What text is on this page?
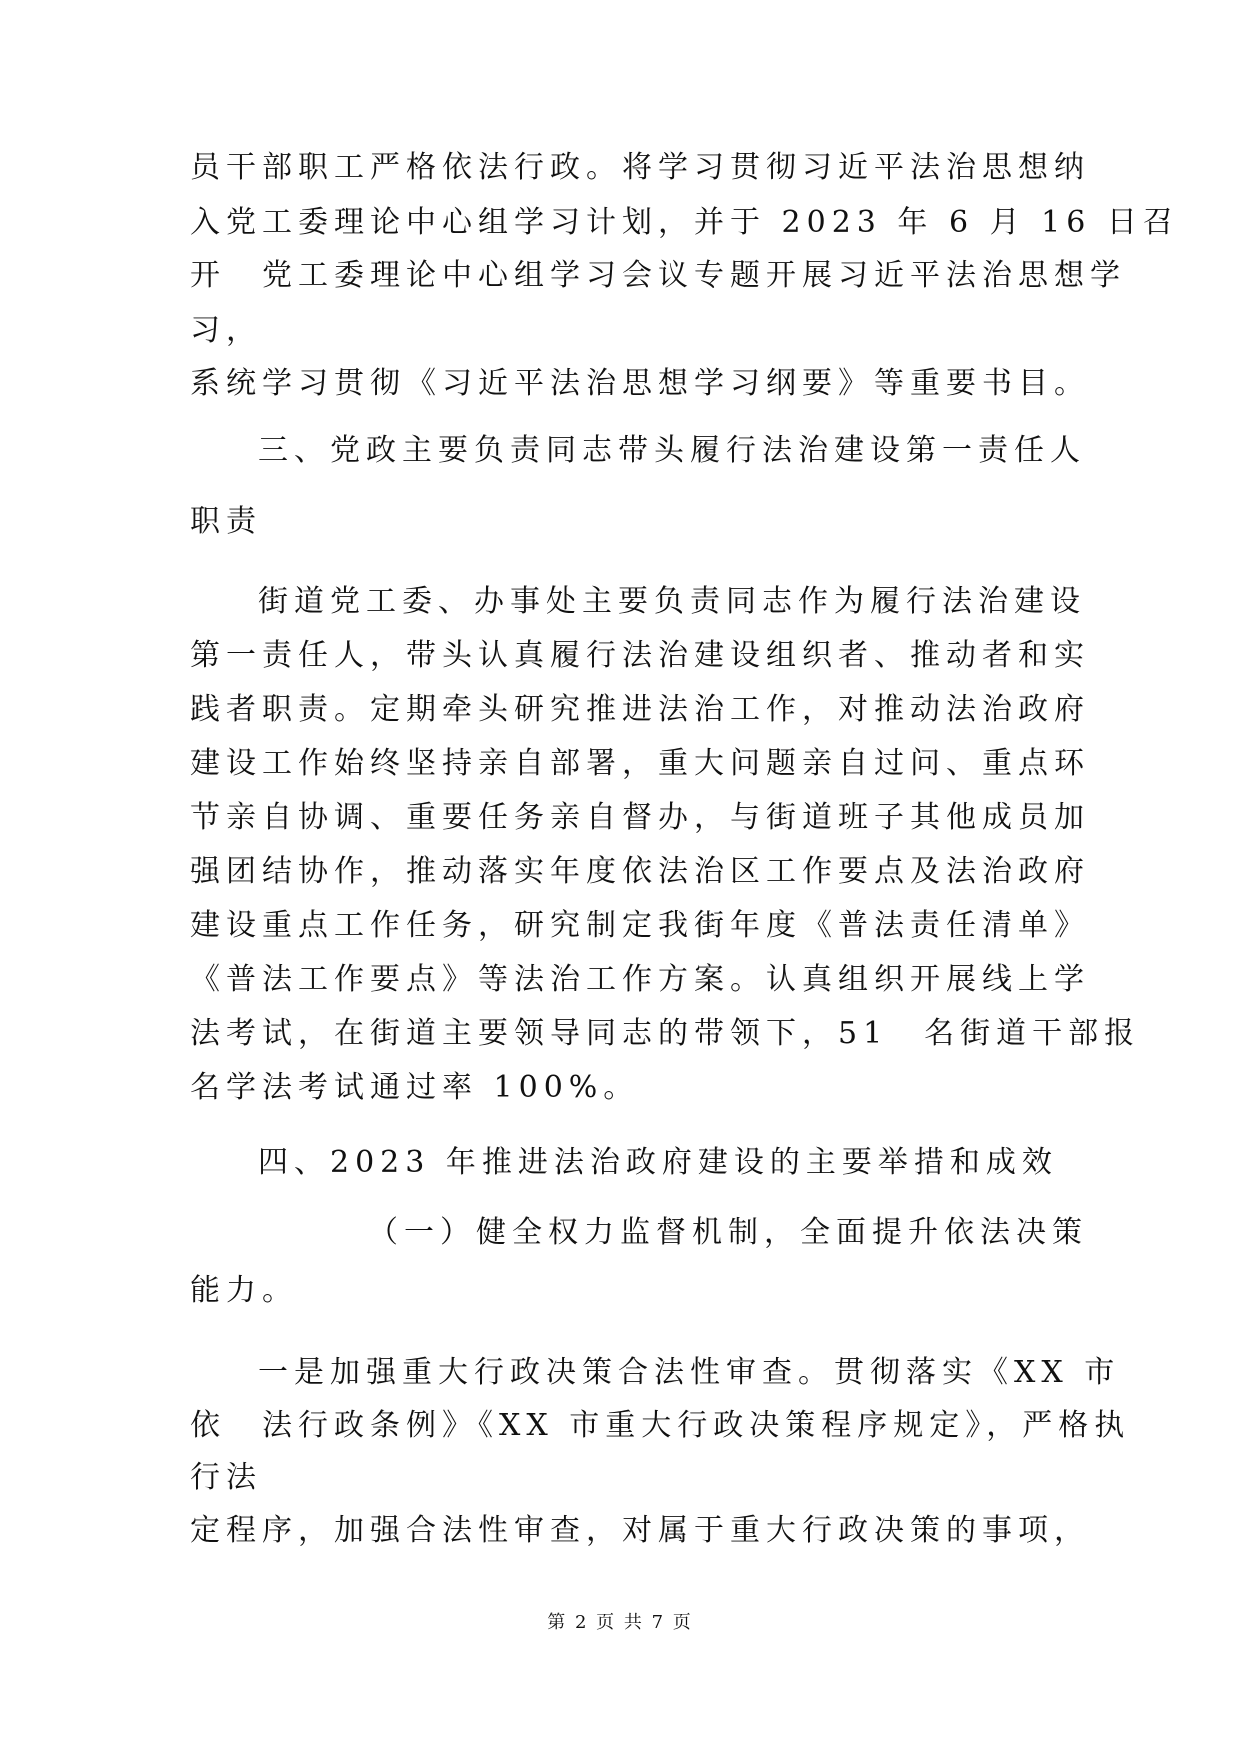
员干部职工严格依法行政。将学习贯彻习近平法治思想纳
入党工委理论中心组学习计划，并于 2023 年 6 月 16 日召
开　党工委理论中心组学习会议专题开展习近平法治思想学
习，
系统学习贯彻《习近平法治思想学习纲要》等重要书目。
三、党政主要负责同志带头履行法治建设第一责任人
职责
街道党工委、办事处主要负责同志作为履行法治建设
第一责任人，带头认真履行法治建设组织者、推动者和实
践者职责。定期牵头研究推进法治工作，对推动法治政府
建设工作始终坚持亲自部署，重大问题亲自过问、重点环
节亲自协调、重要任务亲自督办，与街道班子其他成员加
强团结协作，推动落实年度依法治区工作要点及法治政府
建设重点工作任务，研究制定我街年度《普法责任清单》
《普法工作要点》等法治工作方案。认真组织开展线上学
法考试，在街道主要领导同志的带领下，51　名街道干部报
名学法考试通过率 100%。
四、2023 年推进法治政府建设的主要举措和成效
（一）健全权力监督机制，全面提升依法决策
能力。
一是加强重大行政决策合法性审查。贯彻落实《XX 市
依　法行政条例》《XX 市重大行政决策程序规定》，严格执
行法
定程序，加强合法性审查，对属于重大行政决策的事项，
第 2 页 共 7 页
